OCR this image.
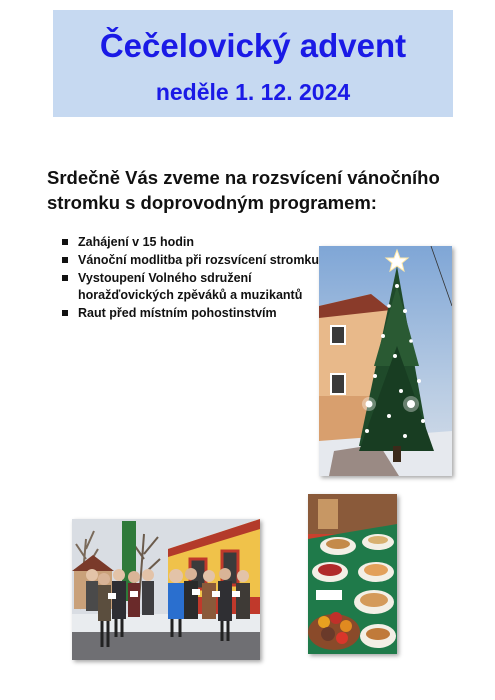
Čečelovický advent
neděle 1. 12. 2024
Srdečně Vás zveme na rozsvícení vánočního stromku s doprovodným programem:
Zahájení v 15 hodin
Vánoční modlitba při rozsvícení stromku
Vystoupení Volného sdružení horažďovických zpěváků a muzikantů
Raut před místním pohostinstvím
